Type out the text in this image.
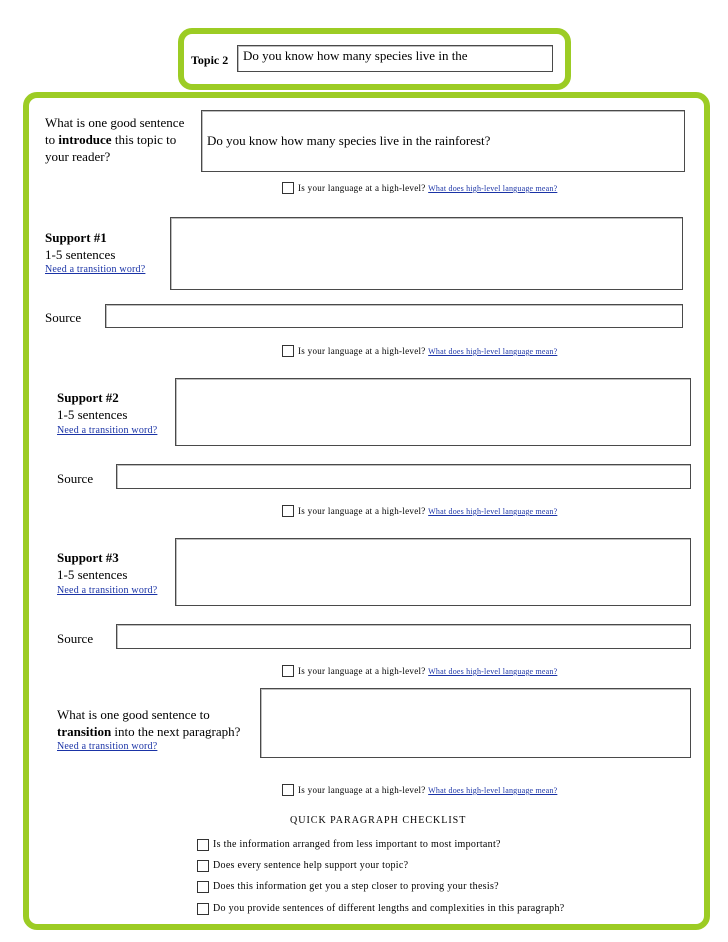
Topic 2	Do you know how many species live in the
What is one good sentence
to introduce this topic to
your reader?
Do you know how many species live in the rainforest?
Is your language at a high-level? What does high-level language mean?
Support #1
1-5 sentences
Need a transition word?
Source
Is your language at a high-level? What does high-level language mean?
Support #2
1-5 sentences
Need a transition word?
Source
Is your language at a high-level? What does high-level language mean?
Support #3
1-5 sentences
Need a transition word?
Source
Is your language at a high-level? What does high-level language mean?
What is one good sentence to
transition into the next paragraph?
Need a transition word?
Is your language at a high-level? What does high-level language mean?
QUICK PARAGRAPH CHECKLIST
Is the information arranged from less important to most important?
Does every sentence help support your topic?
Does this information get you a step closer to proving your thesis?
Do you provide sentences of different lengths and complexities in this paragraph?
